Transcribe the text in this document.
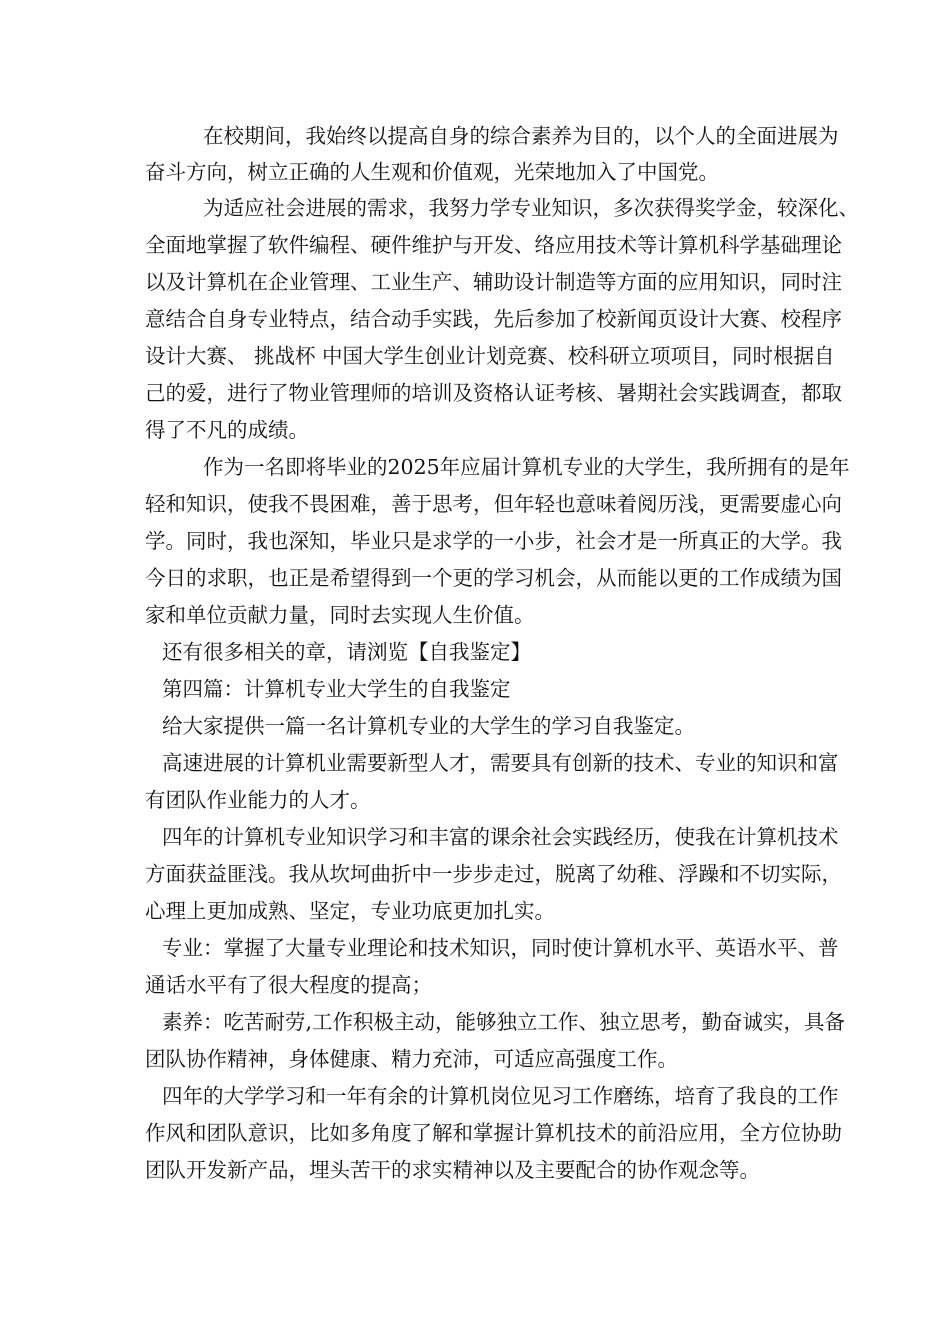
在校期间，我始终以提高自身的综合素养为目的，以个人的全面进展为
奋斗方向，树立正确的人生观和价值观，光荣地加入了中国党。
为适应社会进展的需求，我努力学专业知识，多次获得奖学金，较深化、
全面地掌握了软件编程、硬件维护与开发、络应用技术等计算机科学基础理论
以及计算机在企业管理、工业生产、辅助设计制造等方面的应用知识，同时注
意结合自身专业特点，结合动手实践，先后参加了校新闻页设计大赛、校程序
设计大赛、 挑战杯 中国大学生创业计划竞赛、校科研立项项目，同时根据自
己的爱，进行了物业管理师的培训及资格认证考核、暑期社会实践调查，都取
得了不凡的成绩。
作为一名即将毕业的2025年应届计算机专业的大学生，我所拥有的是年
轻和知识，使我不畏困难，善于思考，但年轻也意味着阅历浅，更需要虚心向
学。同时，我也深知，毕业只是求学的一小步，社会才是一所真正的大学。我
今日的求职，也正是希望得到一个更的学习机会，从而能以更的工作成绩为国
家和单位贡献力量，同时去实现人生价值。
还有很多相关的章，请浏览【自我鉴定】
第四篇：计算机专业大学生的自我鉴定
给大家提供一篇一名计算机专业的大学生的学习自我鉴定。
高速进展的计算机业需要新型人才，需要具有创新的技术、专业的知识和富
有团队作业能力的人才。
四年的计算机专业知识学习和丰富的课余社会实践经历，使我在计算机技术
方面获益匪浅。我从坎坷曲折中一步步走过，脱离了幼稚、浮躁和不切实际，
心理上更加成熟、坚定，专业功底更加扎实。
专业：掌握了大量专业理论和技术知识，同时使计算机水平、英语水平、普
通话水平有了很大程度的提高；
素养：吃苦耐劳,工作积极主动，能够独立工作、独立思考，勤奋诚实，具备
团队协作精神，身体健康、精力充沛，可适应高强度工作。
四年的大学学习和一年有余的计算机岗位见习工作磨练，培育了我良的工作
作风和团队意识，比如多角度了解和掌握计算机技术的前沿应用，全方位协助
团队开发新产品，埋头苦干的求实精神以及主要配合的协作观念等。
